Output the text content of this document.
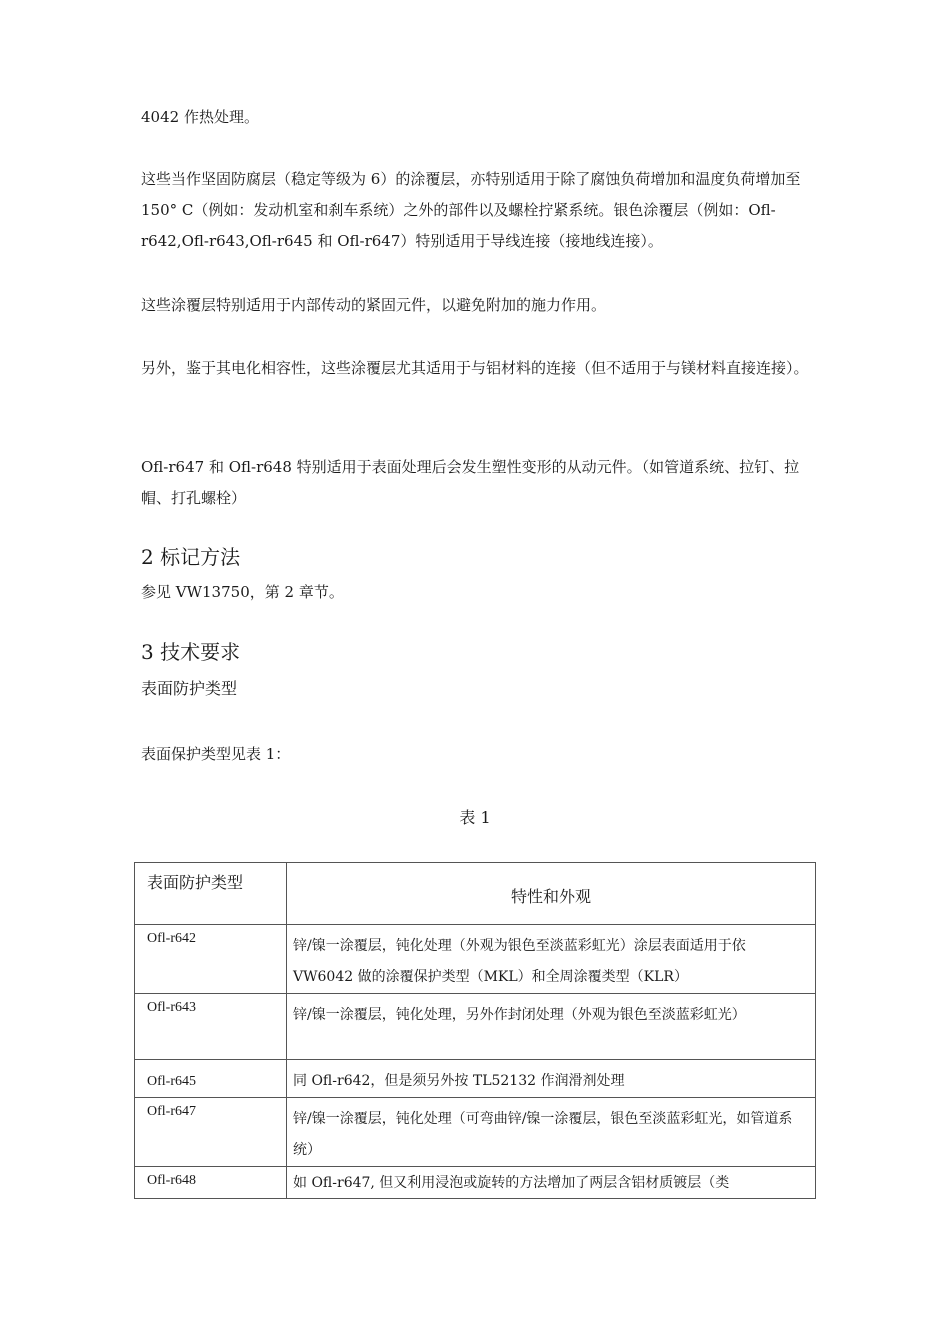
4042 作热处理。

这些当作坚固防腐层（稳定等级为 6）的涂覆层，亦特别适用于除了腐蚀负荷增加和温度负荷增加至 150° C（例如：发动机室和刹车系统）之外的部件以及螺栓拧紧系统。银色涂覆层（例如：Ofl-r642,Ofl-r643,Ofl-r645 和 Ofl-r647）特别适用于导线连接（接地线连接）。

这些涂覆层特别适用于内部传动的紧固元件，以避免附加的施力作用。

另外，鉴于其电化相容性，这些涂覆层尤其适用于与铝材料的连接（但不适用于与镁材料直接连接）。

Ofl-r647 和 Ofl-r648 特别适用于表面处理后会发生塑性变形的从动元件。（如管道系统、拉钉、拉帽、打孔螺栓）

2 标记方法

参见 VW13750，第 2 章节。

3 技术要求

表面防护类型

表面保护类型见表 1：

表 1
表面防护类型	特性和外观
Ofl-r642	锌/镍一涂覆层，钝化处理（外观为银色至淡蓝彩虹光）涂层表面适用于依 VW6042 做的涂覆保护类型（MKL）和全周涂覆类型（KLR）
Ofl-r643	锌/镍一涂覆层，钝化处理，另外作封闭处理（外观为银色至淡蓝彩虹光）
Ofl-r645	同 Ofl-r642，但是须另外按 TL52132 作润滑剂处理
Ofl-r647	锌/镍一涂覆层，钝化处理（可弯曲锌/镍一涂覆层，银色至淡蓝彩虹光，如管道系统）
Ofl-r648	如 Ofl-r647, 但又利用浸泡或旋转的方法增加了两层含铝材质镀层（类
